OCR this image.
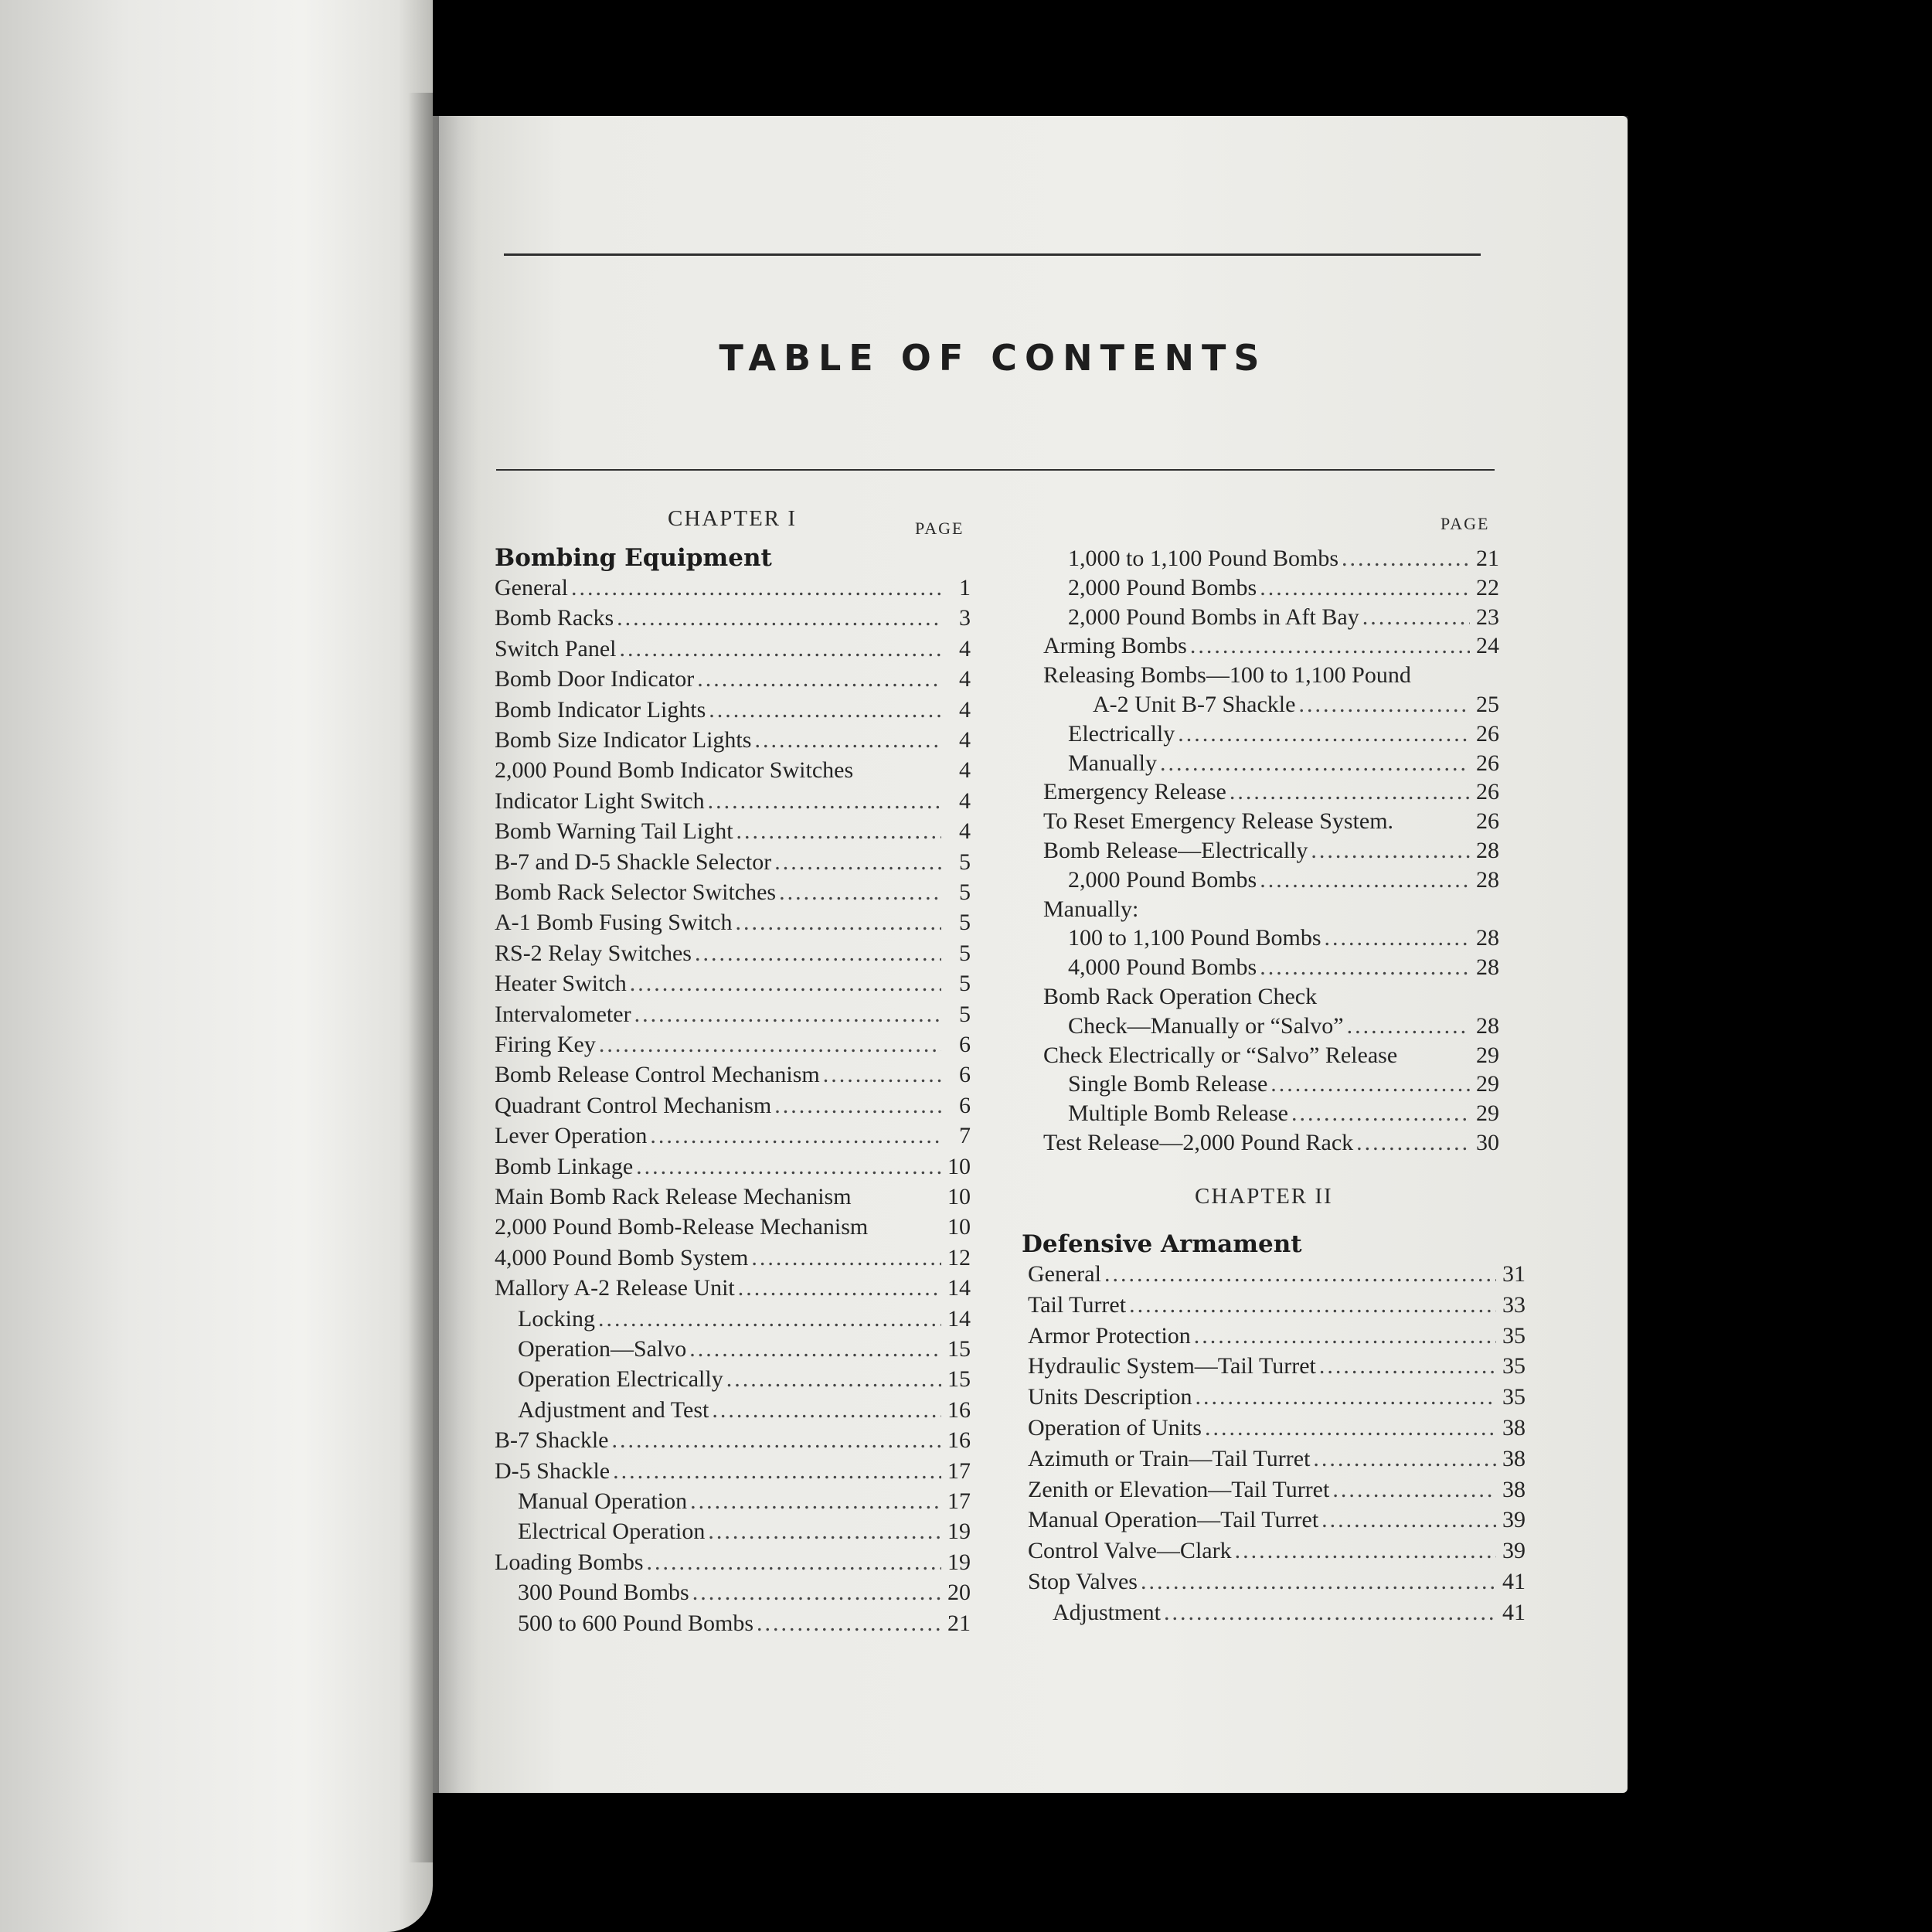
TABLE OF CONTENTS
CHAPTER I	PAGE
Bombing Equipment
General .....	1
Bomb Racks .....	3
Switch Panel .....	4
Bomb Door Indicator .....	4
Bomb Indicator Lights .....	4
Bomb Size Indicator Lights .....	4
2,000 Pound Bomb Indicator Switches	4
Indicator Light Switch .....	4
Bomb Warning Tail Light .....	4
B-7 and D-5 Shackle Selector .....	5
Bomb Rack Selector Switches .....	5
A-1 Bomb Fusing Switch .....	5
RS-2 Relay Switches .....	5
Heater Switch .....	5
Intervalometer .....	5
Firing Key .....	6
Bomb Release Control Mechanism .....	6
Quadrant Control Mechanism .....	6
Lever Operation .....	7
Bomb Linkage .....	10
Main Bomb Rack Release Mechanism	10
2,000 Pound Bomb-Release Mechanism	10
4,000 Pound Bomb System .....	12
Mallory A-2 Release Unit .....	14
Locking .....	14
Operation—Salvo .....	15
Operation Electrically .....	15
Adjustment and Test .....	16
B-7 Shackle .....	16
D-5 Shackle .....	17
Manual Operation .....	17
Electrical Operation .....	19
Loading Bombs .....	19
300 Pound Bombs .....	20
500 to 600 Pound Bombs .....	21
PAGE
1,000 to 1,100 Pound Bombs .....	21
2,000 Pound Bombs .....	22
2,000 Pound Bombs in Aft Bay .....	23
Arming Bombs .....	24
Releasing Bombs—100 to 1,100 Pound
A-2 Unit B-7 Shackle .....	25
Electrically .....	26
Manually .....	26
Emergency Release .....	26
To Reset Emergency Release System.	26
Bomb Release—Electrically .....	28
2,000 Pound Bombs .....	28
Manually:
100 to 1,100 Pound Bombs .....	28
4,000 Pound Bombs .....	28
Bomb Rack Operation Check
Check—Manually or “Salvo” .....	28
Check Electrically or “Salvo” Release	29
Single Bomb Release .....	29
Multiple Bomb Release .....	29
Test Release—2,000 Pound Rack .....	30
CHAPTER II
Defensive Armament
General .....	31
Tail Turret .....	33
Armor Protection .....	35
Hydraulic System—Tail Turret .....	35
Units Description .....	35
Operation of Units .....	38
Azimuth or Train—Tail Turret .....	38
Zenith or Elevation—Tail Turret .....	38
Manual Operation—Tail Turret .....	39
Control Valve—Clark .....	39
Stop Valves .....	41
Adjustment .....	41
